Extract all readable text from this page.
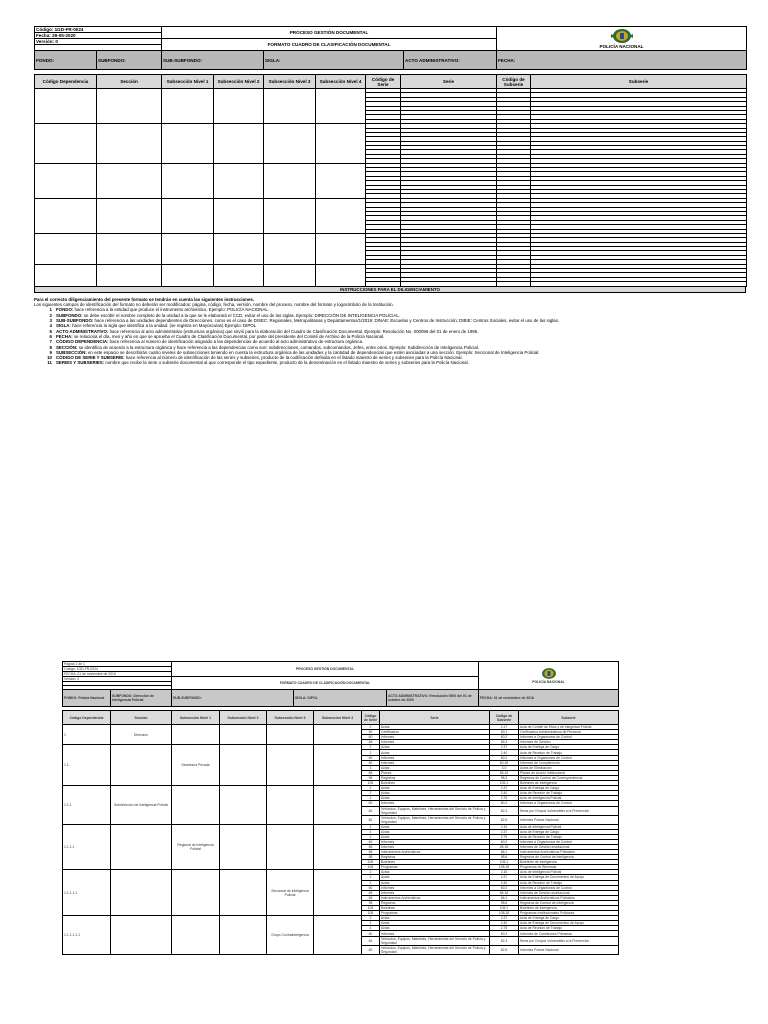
Código: 1GD-FR-0024	PROCESO GESTIÓN DOCUMENTAL	POLICÍA NACIONAL

Fecha: 29-05-2020		
Versión: 0	FORMATO CUADRO DE CLASIFICACIÓN DOCUMENTAL	

FONDO:	SUBFONDO:	SUB-SUBFONDO:	SIGLA:	ACTO ADMINISTRATIVO:	FECHA:
Código Dependencia	Sección	Subsección Nivel 1	Subsección Nivel 2	Subsección Nivel 3	Subsección Nivel 4	Código de Serie	Serie	Código de Subserie	Subserie

INSTRUCCIONES PARA EL DILIGENCIAMIENTO
Para el correcto diligenciamiento del presente formato se tendrán en cuenta las siguientes instrucciones.
Los siguientes campos de identificación del formato no deberán ser modificados: página, código, fecha, versión, nombre del proceso, nombre del formato y logosímbolo de la Institución.
1 FONDO: hace referencia a la entidad que produce el instrumento archivístico. Ejemplo: POLICÍA NACIONAL.
2 SUBFONDO: se debe escribir el nombre completo de la unidad a la que se le elaborará el CCD, evitar el uso de las siglas. Ejemplo: DIRECCIÓN DE INTELIGENCIA POLICIAL.
3 SUB-SUBFONDO: hace referencia a las unidades dependientes de Direcciones, como es el caso de DISEC: Regionales, Metropolitanas y Departamentos/1/2019: DINAE: Escuelas y Centros de Instrucción; DIBIE: Centros Sociales, evitar el uso de las siglas.
4 SIGLA: hace referencia la sigla que identifica a la unidad. (se registra en Mayúsculas) Ejemplo: DIPOL
5 ACTO ADMINISTRATIVO: hace referencia al acto administrativo (estructura orgánica) que sirvió para la elaboración del Cuadro de Clasificación Documental. Ejemplo: Resolución No. 000096 del 01 de enero de 1995.
6 FECHA: se relaciona el día, mes y año en que se aprueba el Cuadro de Clasificación Documental, por parte del presidente del Comité de Archivo de la Policía Nacional.
7 CÓDIGO DEPENDENCIA: hace referencia al número de identificación asignado a las dependencias de acuerdo al acto administrativo de estructura orgánica.
8 SECCIÓN: se identifica de acuerdo a la estructura orgánica y hace referencia a las dependencias como son: subdirecciones, comandos, subcomandos, Jefes, entre otros. Ejemplo: Subdirección de Inteligencia Policial.
9 SUBSECCIÓN: en este espacio se describirán cuatro niveles de subsecciones teniendo en cuenta la estructura orgánica de las unidades y la cantidad de dependencias que estén asociadas a una sección. Ejemplo: Seccional de Inteligencia Policial.
10 CÓDIGO DE SERIE Y SUBSERIE: hace referencia al número de identificación de las series y subseries, producto de la codificación definida en el listado maestro de series y subseries para la Policía Nacional.
11 SERIES Y SUBSERIES: nombre que recibe la serie o subserie documental al que corresponde el tipo expediente, producto de la denominación en el listado maestro de series y subseries para la Policía Nacional.
Página 1 de 1	PROCESO GESTIÓN DOCUMENTAL	POLICÍA NACIONAL

Código: 1GD-FR-0024		
FECHA: 01 de noviembre de 2016		
Versión: 0	FORMATO CUADRO DE CLASIFICACIÓN DOCUMENTAL	

FONDO: Policía Nacional	SUBFONDO: Dirección de Inteligencia Policial	SUB-SUBFONDO:	SIGLA: DIPOL	ACTO ADMINISTRATIVO: Resolución 0000 del 01 de octubre de 2009	FECHA: 01 de noviembre de 2016
Código Dependencia	Sección	Subsección Nivel 1	Subsección Nivel 2	Subsección Nivel 3	Subsección Nivel 4	Código de Serie	Serie	Código de Subserie	Subserie
1	Dirección					2	Actas	2.17	Acta de Comité de Ética y de Integridad Policial
						50	Certificados	50.1	Certificados Administrativos de Personal
						60	Informes	60.2	Informes a Organismos de Control
						65	Informes	65.3	Informes de Gestión
1.1		Secretaría Privada				2	Actas	2.37	Acta de Entrega de Cargo
						2	Actas	2.40	Acta de Reunión de Trabajo
						60	Informes	60.2	Informes a Organismos de Control
						60	Informes	60.28	Informes de Cumplimiento
						3	Actas	3.0	Actas de Eliminación
						86	Planes	86.16	Planes de Acción Institucional
						98	Registros	98.3	Registros de Control de Correspondencia
						105	Boletines	105.1	Boletines de Inteligencia
1.1.1	Subdirección de Inteligencia Policial					2	Actas	2.37	Acta de Entrega de Cargo
						2	Actas	2.40	Acta de Reunión de Trabajo
						2	Actas	2.75	Acta de Inteligencia Policial
						60	Informes	60.2	Informes a Organismos de Control
						82	Vehículos, Equipos, Maletines, Herramientas del Servicio de Policía y Seguridad	82.3	Ítems por Grupos Vulnerables a la Prevención
						82	Vehículos, Equipos, Maletines, Herramientas del Servicio de Policía y Seguridad	82.5	Informes Policía Nacional
1.1.1.1		Regional de Inteligencia Policial				2	Actas	2.10	Acta de Inteligencia Policial
						2	Actas	2.37	Acta de Entrega de Cargo
						2	Actas	2.75	Acta de Reunión de Trabajo
						60	Informes	60.2	Informes a Organismos de Control
						65	Informes	65.18	Informes de Gestión Institucional
						66	Instrumentos Archivísticos	66.1	Instrumentos Archivísticos Policiales
						98	Registros	98.6	Registros de Control de Inteligencia
						105	Boletines	105.1	Boletines de Inteligencia
						108	Programas	108.18	Programas de Bienestar
1.1.1.1.1				Seccional de Inteligencia Policial		2	Actas	2.10	Acta de Inteligencia Policial
						2	Actas	2.37	Acta de Entrega de Documentos de Apoyo
						2	Actas	2.40	Acta de Reunión de Trabajo
						60	Informes	60.2	Informes a Organismos de Control
						65	Informes	65.18	Informes de Gestión Institucional
						66	Instrumentos Archivísticos	66.1	Instrumentos Archivísticos Policiales
						98	Registros	98.6	Registros de Control de Inteligencia
						105	Boletines	105.1	Boletines de Inteligencia
						108	Programas	108.18	Programas Institucionales Policiales
1.1.1.1.1.1				Grupo Contrainteligencia		2	Actas	2.37	Acta de Entrega de Cargo
						2	Actas	2.40	Acta de Entrega de Documentos de Apoyo
						2	Actas	2.75	Acta de Reunión de Trabajo
						60	Informes	60.2	Informes de Comisiones Primarias
						82	Vehículos, Equipos, Maletines, Herramientas del Servicio de Policía y Seguridad	82.3	Ítems por Grupos Vulnerables a la Prevención
						82	Vehículos, Equipos, Maletines, Herramientas del Servicio de Policía y Seguridad	82.5	Informes Policía Nacional
